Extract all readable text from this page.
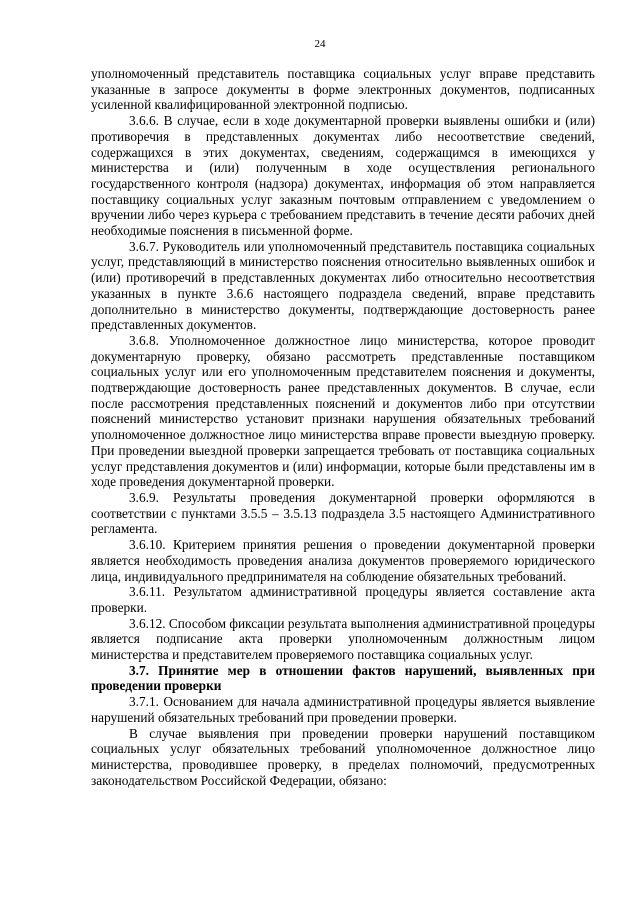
24

уполномоченный представитель поставщика социальных услуг вправе представить указанные в запросе документы в форме электронных документов, подписанных усиленной квалифицированной электронной подписью.

3.6.6. В случае, если в ходе документарной проверки выявлены ошибки и (или) противоречия в представленных документах либо несоответствие сведений, содержащихся в этих документах, сведениям, содержащимся в имеющихся у министерства и (или) полученным в ходе осуществления регионального государственного контроля (надзора) документах, информация об этом направляется поставщику социальных услуг заказным почтовым отправлением с уведомлением о вручении либо через курьера с требованием представить в течение десяти рабочих дней необходимые пояснения в письменной форме.

3.6.7. Руководитель или уполномоченный представитель поставщика социальных услуг, представляющий в министерство пояснения относительно выявленных ошибок и (или) противоречий в представленных документах либо относительно несоответствия указанных в пункте 3.6.6 настоящего подраздела сведений, вправе представить дополнительно в министерство документы, подтверждающие достоверность ранее представленных документов.

3.6.8. Уполномоченное должностное лицо министерства, которое проводит документарную проверку, обязано рассмотреть представленные поставщиком социальных услуг или его уполномоченным представителем пояснения и документы, подтверждающие достоверность ранее представленных документов. В случае, если после рассмотрения представленных пояснений и документов либо при отсутствии пояснений министерство установит признаки нарушения обязательных требований уполномоченное должностное лицо министерства вправе провести выездную проверку. При проведении выездной проверки запрещается требовать от поставщика социальных услуг представления документов и (или) информации, которые были представлены им в ходе проведения документарной проверки.

3.6.9. Результаты проведения документарной проверки оформляются в соответствии с пунктами 3.5.5 – 3.5.13 подраздела 3.5 настоящего Административного регламента.

3.6.10. Критерием принятия решения о проведении документарной проверки является необходимость проведения анализа документов проверяемого юридического лица, индивидуального предпринимателя на соблюдение обязательных требований.

3.6.11. Результатом административной процедуры является составление акта проверки.

3.6.12. Способом фиксации результата выполнения административной процедуры является подписание акта проверки уполномоченным должностным лицом министерства и представителем проверяемого поставщика социальных услуг.

3.7. Принятие мер в отношении фактов нарушений, выявленных при проведении проверки

3.7.1. Основанием для начала административной процедуры является выявление нарушений обязательных требований при проведении проверки.

В случае выявления при проведении проверки нарушений поставщиком социальных услуг обязательных требований уполномоченное должностное лицо министерства, проводившее проверку, в пределах полномочий, предусмотренных законодательством Российской Федерации, обязано:
